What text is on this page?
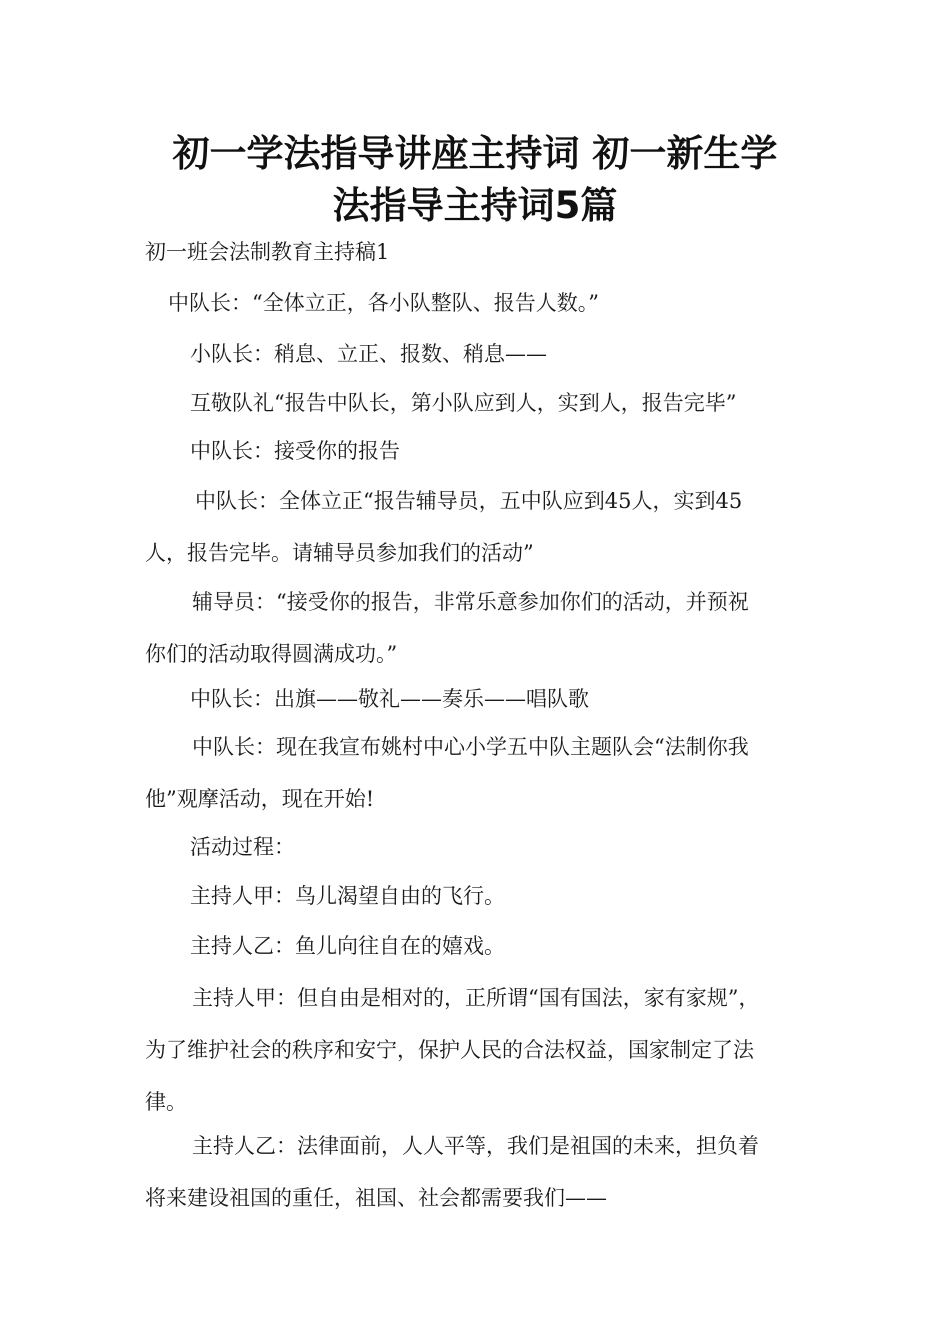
初一学法指导讲座主持词 初一新生学
法指导主持词5篇
初一班会法制教育主持稿1
中队长：“全体立正，各小队整队、报告人数。”
小队长：稍息、立正、报数、稍息——
互敬队礼“报告中队长，第小队应到人，实到人，报告完毕”
中队长：接受你的报告
中队长：全体立正“报告辅导员，五中队应到45人，实到45
人，报告完毕。请辅导员参加我们的活动”
辅导员：“接受你的报告，非常乐意参加你们的活动，并预祝
你们的活动取得圆满成功。”
中队长：出旗——敬礼——奏乐——唱队歌
中队长：现在我宣布姚村中心小学五中队主题队会“法制你我
他”观摩活动，现在开始!
活动过程：
主持人甲：鸟儿渴望自由的飞行。
主持人乙：鱼儿向往自在的嬉戏。
主持人甲：但自由是相对的，正所谓“国有国法，家有家规”，
为了维护社会的秩序和安宁，保护人民的合法权益，国家制定了法
律。
主持人乙：法律面前，人人平等，我们是祖国的未来，担负着
将来建设祖国的重任，祖国、社会都需要我们——
